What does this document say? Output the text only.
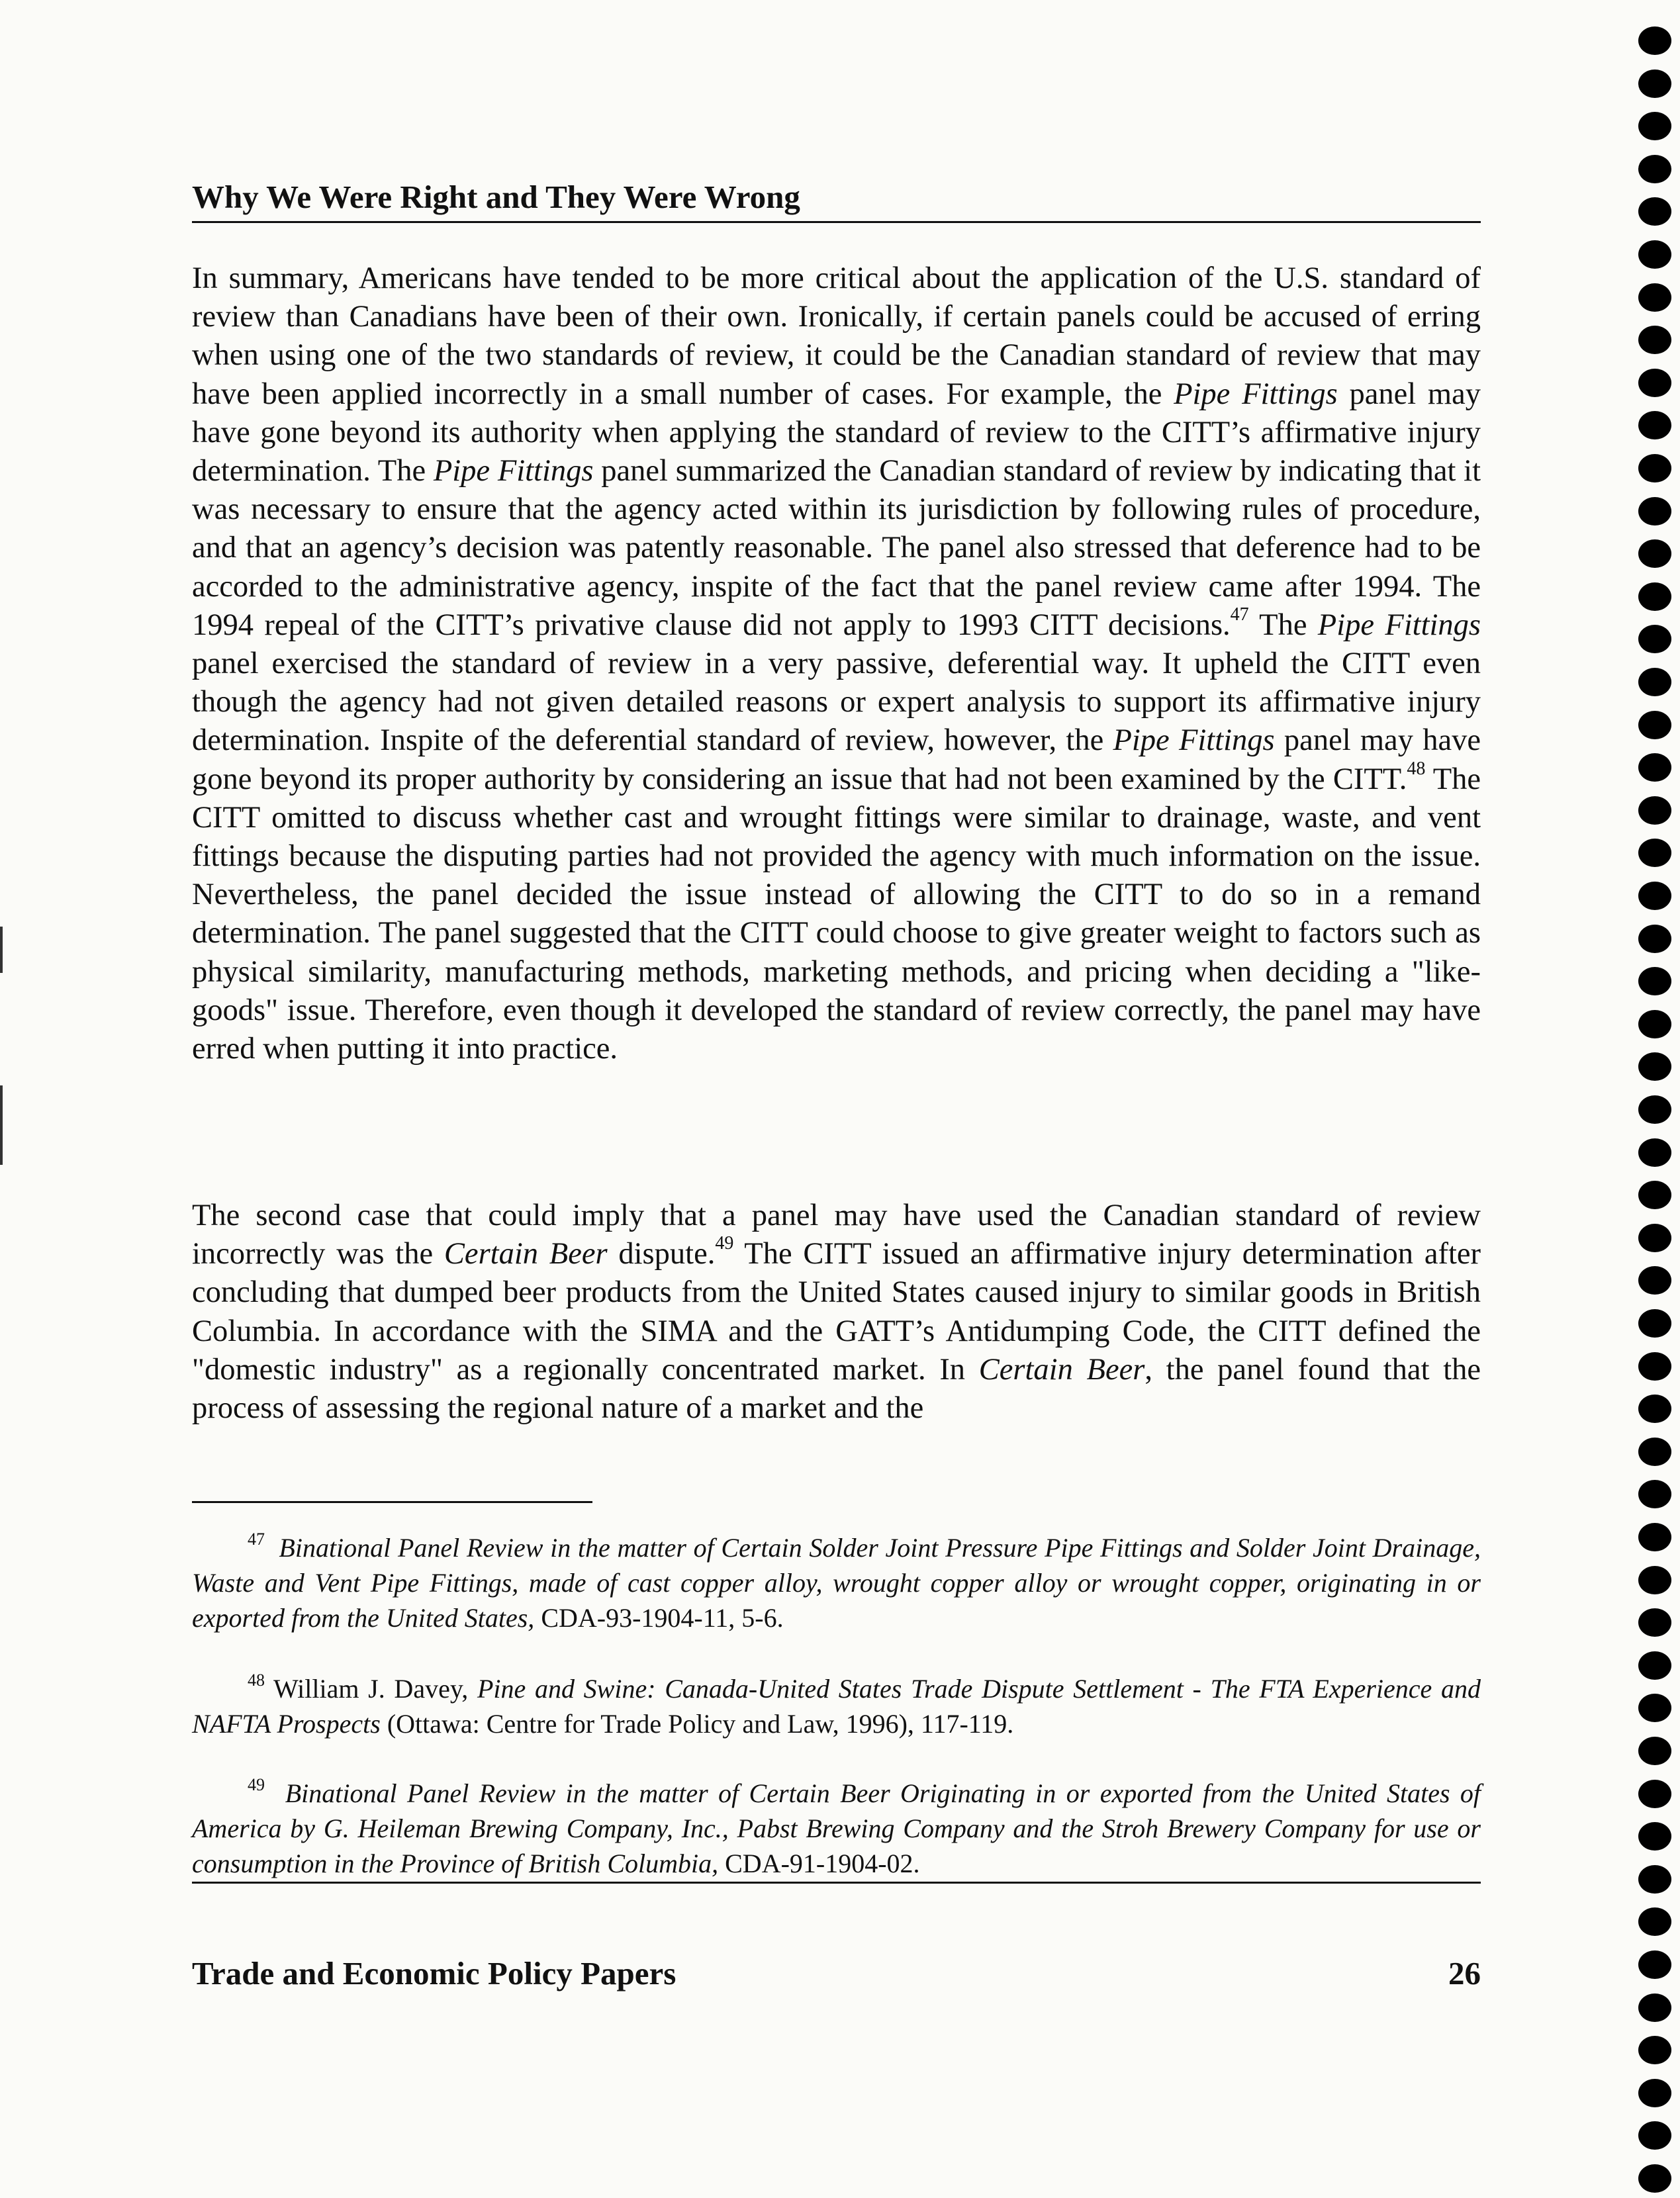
Why We Were Right and They Were Wrong

In summary, Americans have tended to be more critical about the application of the U.S. standard of review than Canadians have been of their own. Ironically, if certain panels could be accused of erring when using one of the two standards of review, it could be the Canadian standard of review that may have been applied incorrectly in a small number of cases. For example, the Pipe Fittings panel may have gone beyond its authority when applying the standard of review to the CITT’s affirmative injury determination. The Pipe Fittings panel summarized the Canadian standard of review by indicating that it was necessary to ensure that the agency acted within its jurisdiction by following rules of procedure, and that an agency’s decision was patently reasonable. The panel also stressed that deference had to be accorded to the administrative agency, inspite of the fact that the panel review came after 1994. The 1994 repeal of the CITT’s privative clause did not apply to 1993 CITT decisions.$^{47}$ The Pipe Fittings panel exercised the standard of review in a very passive, deferential way. It upheld the CITT even though the agency had not given detailed reasons or expert analysis to support its affirmative injury determination. Inspite of the deferential standard of review, however, the Pipe Fittings panel may have gone beyond its proper authority by considering an issue that had not been examined by the CITT.$^{48}$ The CITT omitted to discuss whether cast and wrought fittings were similar to drainage, waste, and vent fittings because the disputing parties had not provided the agency with much information on the issue. Nevertheless, the panel decided the issue instead of allowing the CITT to do so in a remand determination. The panel suggested that the CITT could choose to give greater weight to factors such as physical similarity, manufacturing methods, marketing methods, and pricing when deciding a "like-goods" issue. Therefore, even though it developed the standard of review correctly, the panel may have erred when putting it into practice.

The second case that could imply that a panel may have used the Canadian standard of review incorrectly was the Certain Beer dispute.$^{49}$ The CITT issued an affirmative injury determination after concluding that dumped beer products from the United States caused injury to similar goods in British Columbia. In accordance with the SIMA and the GATT’s Antidumping Code, the CITT defined the "domestic industry" as a regionally concentrated market. In Certain Beer, the panel found that the process of assessing the regional nature of a market and the

$^{47}$ Binational Panel Review in the matter of Certain Solder Joint Pressure Pipe Fittings and Solder Joint Drainage, Waste and Vent Pipe Fittings, made of cast copper alloy, wrought copper alloy or wrought copper, originating in or exported from the United States, CDA-93-1904-11, 5-6.

$^{48}$ William J. Davey, Pine and Swine: Canada-United States Trade Dispute Settlement - The FTA Experience and NAFTA Prospects (Ottawa: Centre for Trade Policy and Law, 1996), 117-119.

$^{49}$ Binational Panel Review in the matter of Certain Beer Originating in or exported from the United States of America by G. Heileman Brewing Company, Inc., Pabst Brewing Company and the Stroh Brewery Company for use or consumption in the Province of British Columbia, CDA-91-1904-02.

Trade and Economic Policy Papers	26
